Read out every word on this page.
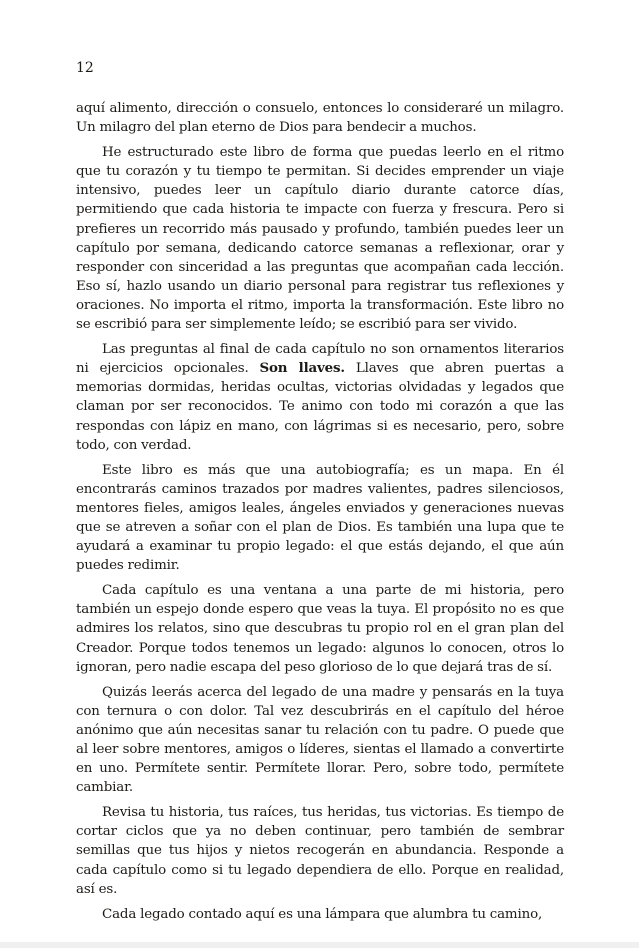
12

aquí alimento, dirección o consuelo, entonces lo consideraré un milagro. Un milagro del plan eterno de Dios para bendecir a muchos.

He estructurado este libro de forma que puedas leerlo en el ritmo que tu corazón y tu tiempo te permitan. Si decides emprender un viaje intensivo, puedes leer un capítulo diario durante catorce días, permitiendo que cada historia te impacte con fuerza y frescura. Pero si prefieres un recorrido más pausado y profundo, también puedes leer un capítulo por semana, dedicando catorce semanas a reflexionar, orar y responder con sinceridad a las preguntas que acompañan cada lección. Eso sí, hazlo usando un diario personal para registrar tus reflexiones y oraciones. No importa el ritmo, importa la transformación. Este libro no se escribió para ser simplemente leído; se escribió para ser vivido.

Las preguntas al final de cada capítulo no son ornamentos literarios ni ejercicios opcionales. Son llaves. Llaves que abren puertas a memorias dormidas, heridas ocultas, victorias olvidadas y legados que claman por ser reconocidos. Te animo con todo mi corazón a que las respondas con lápiz en mano, con lágrimas si es necesario, pero, sobre todo, con verdad.

Este libro es más que una autobiografía; es un mapa. En él encontrarás caminos trazados por madres valientes, padres silenciosos, mentores fieles, amigos leales, ángeles enviados y generaciones nuevas que se atreven a soñar con el plan de Dios. Es también una lupa que te ayudará a examinar tu propio legado: el que estás dejando, el que aún puedes redimir.

Cada capítulo es una ventana a una parte de mi historia, pero también un espejo donde espero que veas la tuya. El propósito no es que admires los relatos, sino que descubras tu propio rol en el gran plan del Creador. Porque todos tenemos un legado: algunos lo conocen, otros lo ignoran, pero nadie escapa del peso glorioso de lo que dejará tras de sí.

Quizás leerás acerca del legado de una madre y pensarás en la tuya con ternura o con dolor. Tal vez descubrirás en el capítulo del héroe anónimo que aún necesitas sanar tu relación con tu padre. O puede que al leer sobre mentores, amigos o líderes, sientas el llamado a convertirte en uno. Permítete sentir. Permítete llorar. Pero, sobre todo, permítete cambiar.

Revisa tu historia, tus raíces, tus heridas, tus victorias. Es tiempo de cortar ciclos que ya no deben continuar, pero también de sembrar semillas que tus hijos y nietos recogerán en abundancia. Responde a cada capítulo como si tu legado dependiera de ello. Porque en realidad, así es.

Cada legado contado aquí es una lámpara que alumbra tu camino,
